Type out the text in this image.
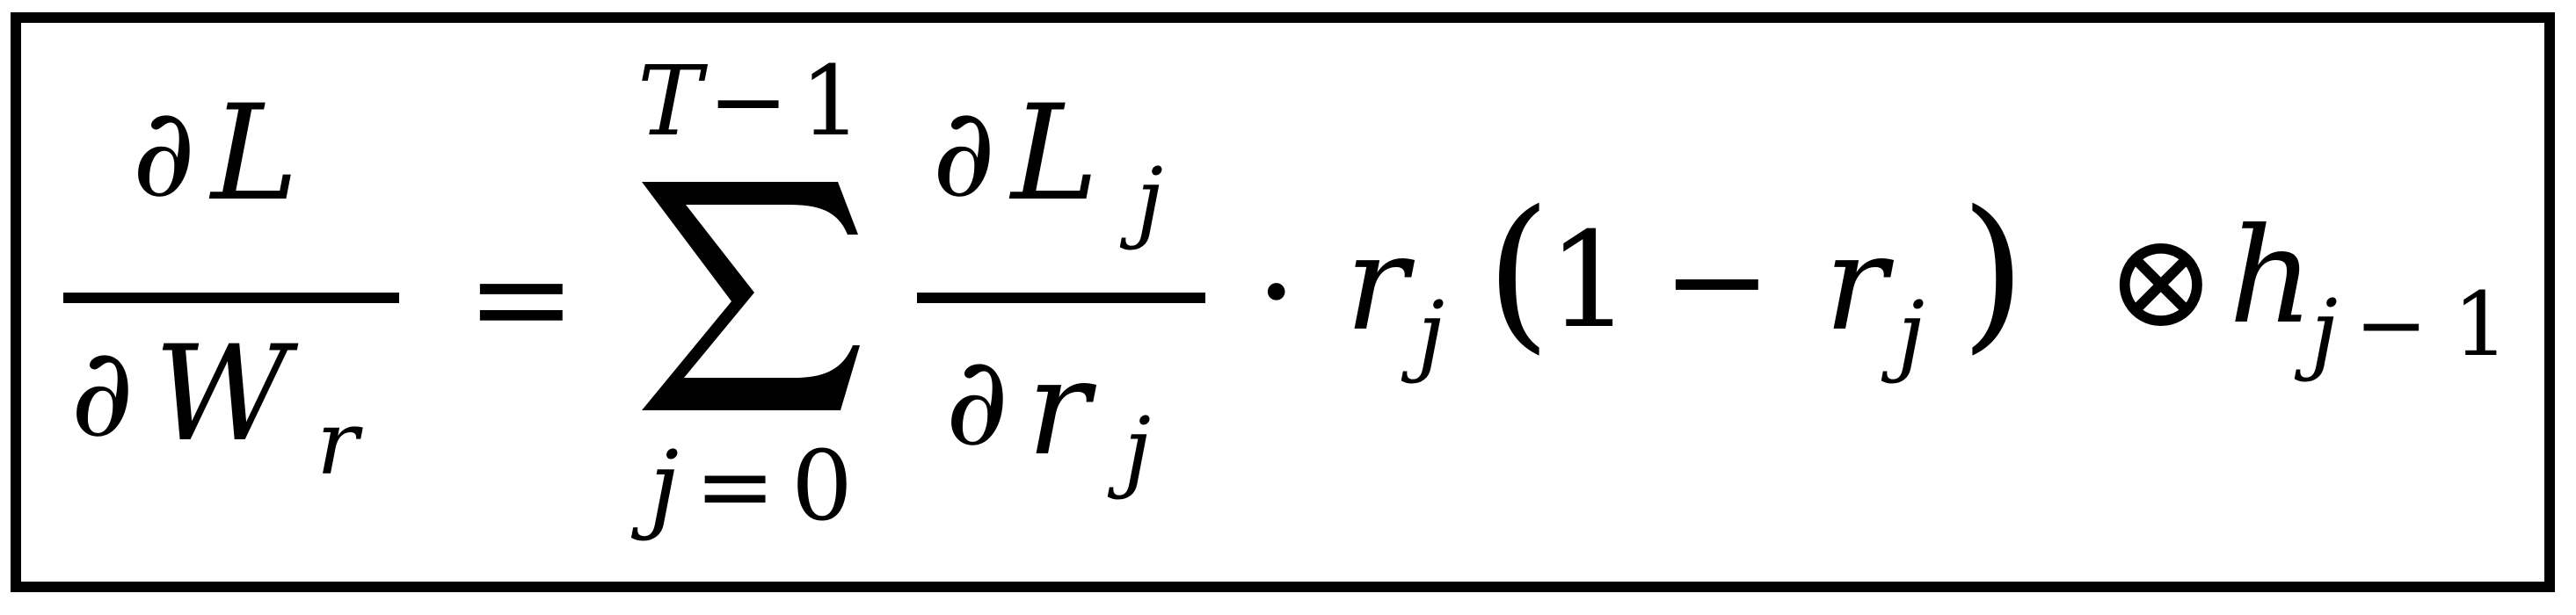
∂ L
∂ W r
=
T − 1
j = 0
∂ L j
∂ r j
· r j (
1 − r j ) ⊗ h
j − 1
